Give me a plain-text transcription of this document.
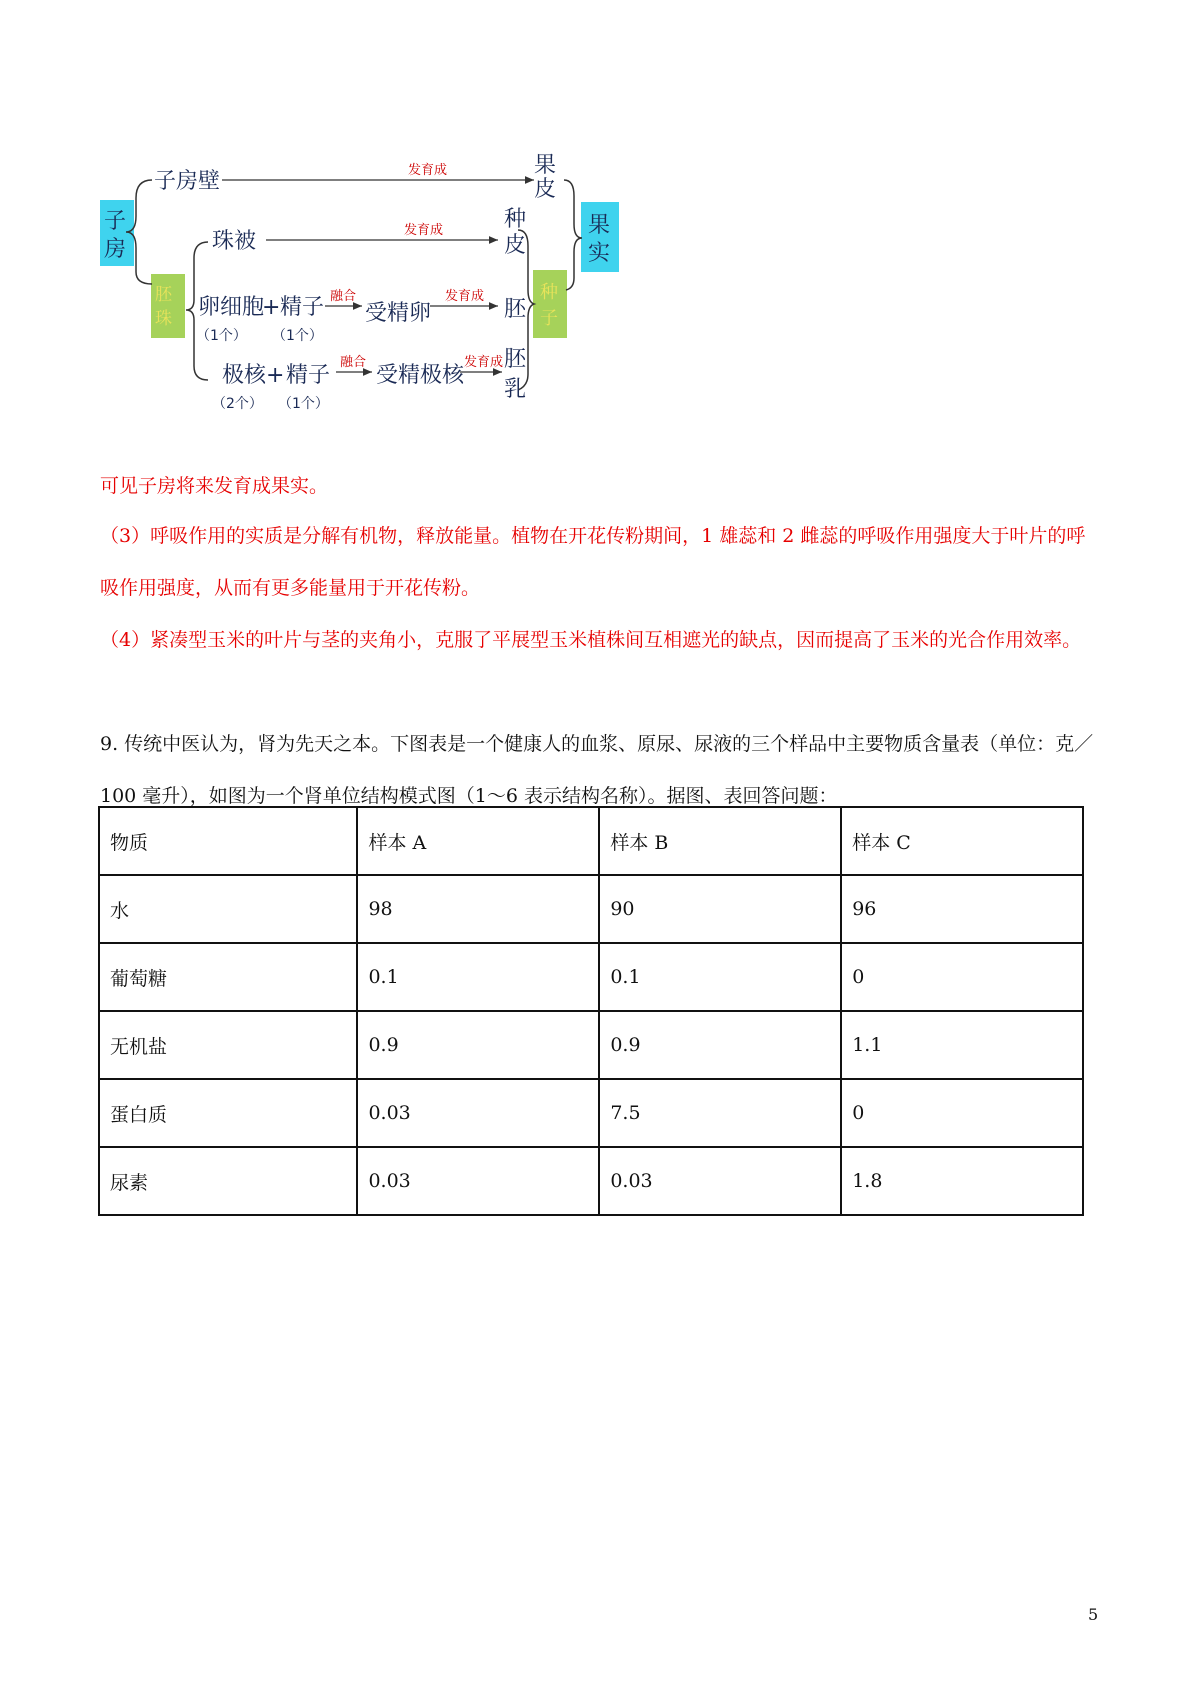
子房
胚珠
子房壁
珠被
卵细胞
+ 精子 受精卵
极核 + 精子 受精极核
果
皮
种
皮
胚
胚
乳
种
子
果
实
（1个） （1个）
（2个） （1个）
发育成
发育成
融合	发育成
融合	发育成

可见子房将来发育成果实。

（3）呼吸作用的实质是分解有机物，释放能量。植物在开花传粉期间，1 雄蕊和 2 雌蕊的呼吸作用强度大于叶片的呼吸作用强度，从而有更多能量用于开花传粉。

（4）紧凑型玉米的叶片与茎的夹角小，克服了平展型玉米植株间互相遮光的缺点，因而提高了玉米的光合作用效率。

9. 传统中医认为，肾为先天之本。下图表是一个健康人的血浆、原尿、尿液的三个样品中主要物质含量表（单位：克／100 毫升），如图为一个肾单位结构模式图（1～6 表示结构名称）。据图、表回答问题：

物质	样本 A	样本 B	样本 C
水	98	90	96
葡萄糖	0.1	0.1	0
无机盐	0.9	0.9	1.1
蛋白质	0.03	7.5	0
尿素	0.03	0.03	1.8
5
